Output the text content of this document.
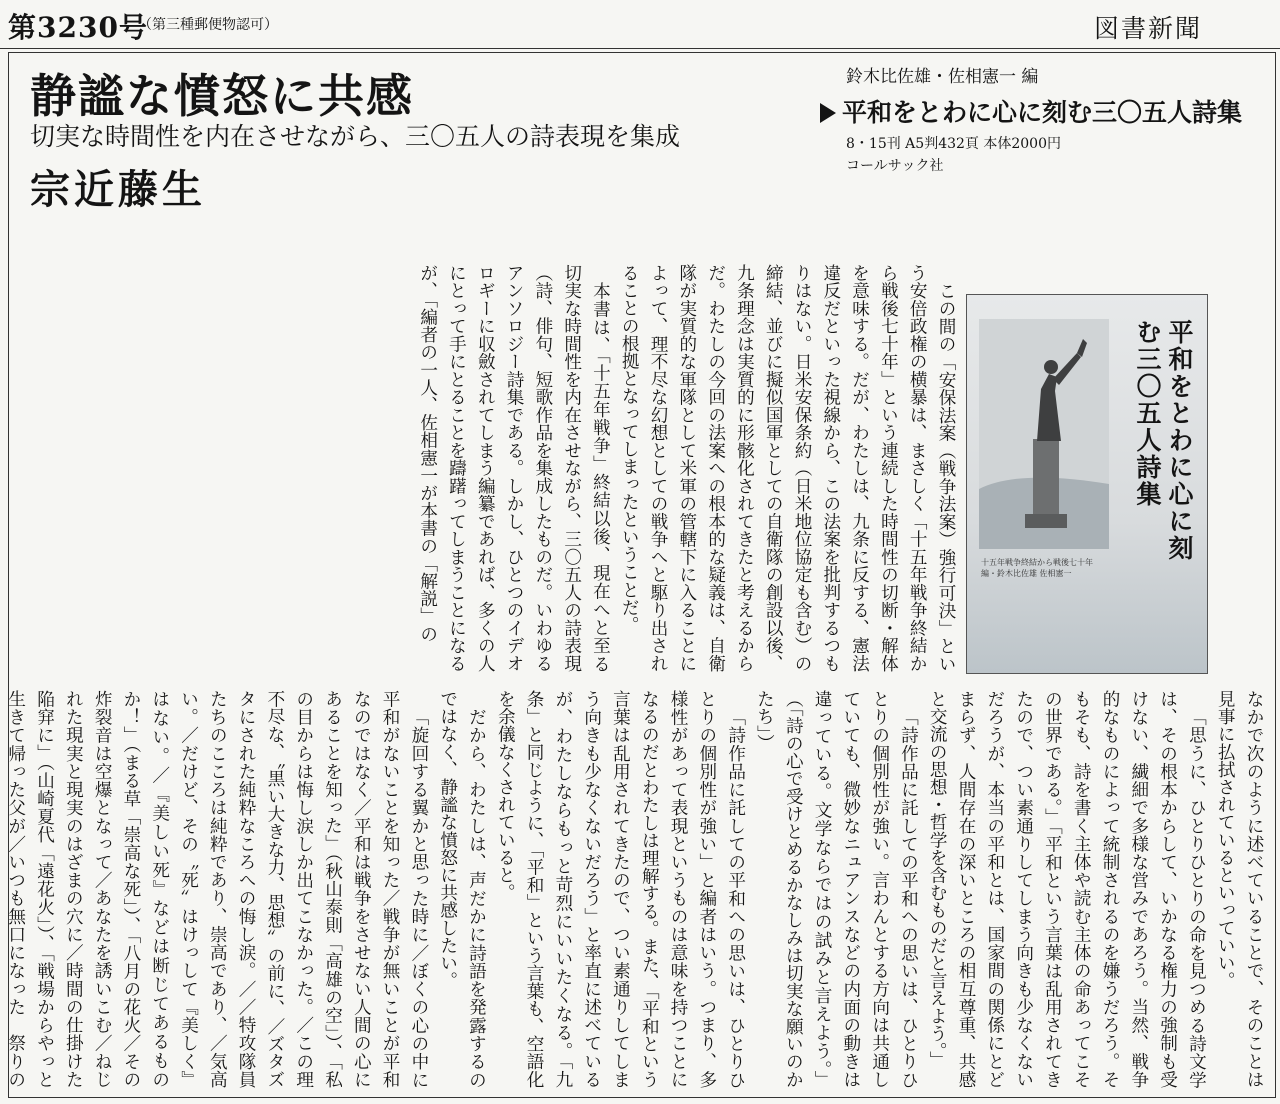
第3230号
（第三種郵便物認可）	図書新聞
静謐な憤怒に共感
切実な時間性を内在させながら、三〇五人の詩表現を集成
宗近藤生
鈴木比佐雄・佐相憲一 編
平和をとわに心に刻む三〇五人詩集
8・15刊 A5判432頁 本体2000円
コールサック社

この間の「安保法案（戦争法案）強行可決」という安倍政権の横暴は、まさしく「十五年戦争終結から戦後七十年」という連続した時間性の切断・解体を意味する。だが、わたしは、九条に反する、憲法違反だといった視線から、この法案を批判するつもりはない。日米安保条約（日米地位協定も含む）の締結、並びに擬似国軍としての自衛隊の創設以後、九条理念は実質的に形骸化されてきたと考えるからだ。わたしの今回の法案への根本的な疑義は、自衛隊が実質的な軍隊として米軍の管轄下に入ることによって、理不尽な幻想としての戦争へと駆り出されることの根拠となってしまったということだ。

本書は、「十五年戦争」終結以後、現在へと至る切実な時間性を内在させながら、三〇五人の詩表現（詩、俳句、短歌作品を集成したものだ。いわゆるアンソロジー詩集である。しかし、ひとつのイデオロギーに収斂されてしまう編纂であれば、多くの人にとって手にとることを躊躇ってしまうことになるが、「編者の一人、佐相憲一が本書の「解説」の	平和をとわに心に刻む三〇五人詩集
十五年戦争終結から戦後七十年
編・鈴木比佐雄 佐相憲一

なかで次のように述べていることで、そのことは見事に払拭されているといっていい。

「思うに、ひとりひとりの命を見つめる詩文学は、その根本からして、いかなる権力の強制も受けない、繊細で多様な営みであろう。当然、戦争的なものによって統制されるのを嫌うだろう。そもそも、詩を書く主体や読む主体の命あってこその世界である。」「平和という言葉は乱用されてきたので、つい素通りしてしまう向きも少なくないだろうが、本当の平和とは、国家間の関係にとどまらず、人間存在の深いところの相互尊重、共感と交流の思想・哲学を含むものだと言えよう。」

「詩作品に託しての平和への思いは、ひとりひとりの個別性が強い。言わんとする方向は共通していても、微妙なニュアンスなどの内面の動きは違っている。文学ならではの試みと言えよう。」（「詩の心で受けとめるかなしみは切実な願いのかたち」）

「詩作品に託しての平和への思いは、ひとりひとりの個別性が強い」と編者はいう。つまり、多様性があって表現というものは意味を持つことになるのだとわたしは理解する。また、「平和という言葉は乱用されてきたので、つい素通りしてしまう向きも少なくないだろう」と率直に述べているが、わたしならもっと苛烈にいいたくなる。「九条」と同じように、「平和」という言葉も、空語化を余儀なくされていると。

だから、わたしは、声だかに詩語を発露するのではなく、静謐な憤怒に共感したい。

「旋回する翼かと思った時に／ぼくの心の中に平和がないことを知った／戦争が無いことが平和なのではなく／平和は戦争をさせない人間の心にあることを知った」（秋山泰則「高雄の空」）、「私の目からは悔し涙しか出てこなかった。／この理不尽な、〝黒い大きな力、思想〟の前に、／ズタズタにされた純粋なころへの悔し涙。／／特攻隊員たちのこころは純粋であり、崇高であり、／気高い。／だけど、その〝死〟はけっして『美しく』はない。／『美しい死』などは断じてあるものか！」（まる草「崇高な死」）、「八月の花火／その炸裂音は空爆となって／あなたを誘いこむ／ねじれた現実と現実のはざまの穴に／時間の仕掛けた陥穽に」（山崎夏代「遠花火」）、「戦場からやっと生きて帰った父が／いつも無口になった　祭りの
